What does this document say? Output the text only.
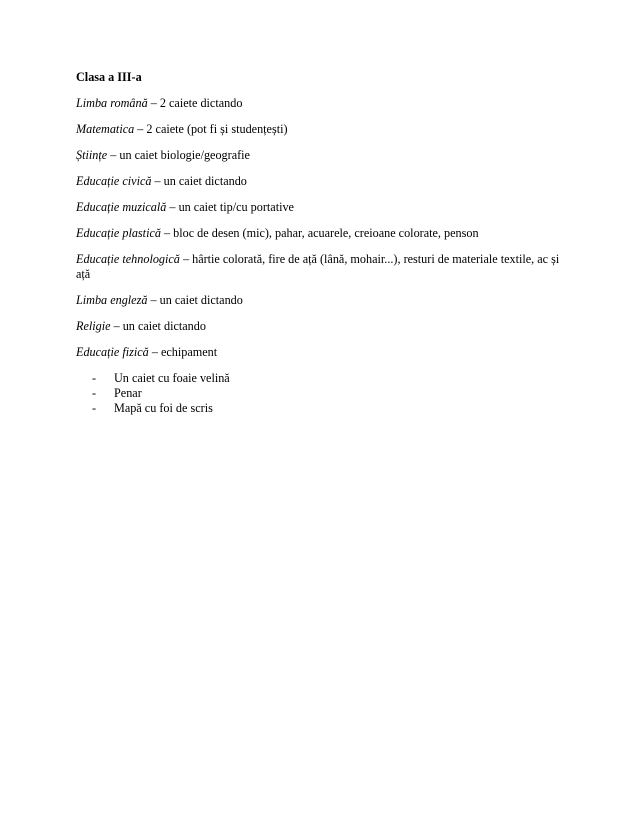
Clasa a III-a
Limba română – 2 caiete dictando
Matematica – 2 caiete (pot fi și studențești)
Științe – un caiet biologie/geografie
Educație civică – un caiet dictando
Educație muzicală – un caiet tip/cu portative
Educație plastică – bloc de desen (mic), pahar, acuarele, creioane colorate, penson
Educație tehnologică – hârtie colorată, fire de ață (lână, mohair...), resturi de materiale textile, ac și ață
Limba engleză – un caiet dictando
Religie – un caiet dictando
Educație fizică – echipament
- Un caiet cu foaie velină
- Penar
- Mapă cu foi de scris
